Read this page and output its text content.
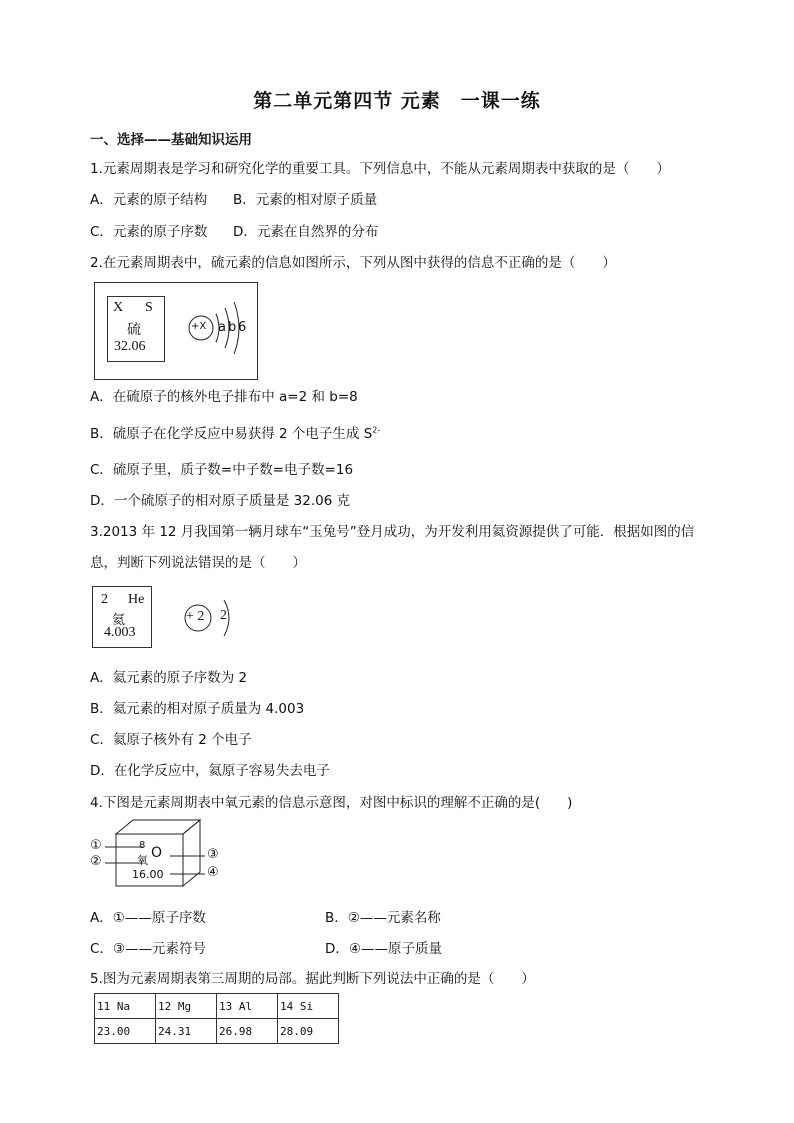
第二单元第四节 元素　一课一练
一、选择——基础知识运用
1.元素周期表是学习和研究化学的重要工具。下列信息中，不能从元素周期表中获取的是（　　）
A．元素的原子结构 B．元素的相对原子质量
C．元素的原子序数 D．元素在自然界的分布
2.在元素周期表中，硫元素的信息如图所示，下列从图中获得的信息不正确的是（　　）
X S
硫
32.06
+X a b 6
A．在硫原子的核外电子排布中 a=2 和 b=8
B．硫原子在化学反应中易获得 2 个电子生成 $S^{2-}$
C．硫原子里，质子数=中子数=电子数=16
D．一个硫原子的相对原子质量是 32.06 克
3.2013 年 12 月我国第一辆月球车“玉兔号”登月成功，为开发利用氦资源提供了可能．根据如图的信
息，判断下列说法错误的是（　　）
2 He
氦
4.003
+ 2 2
A．氦元素的原子序数为 2
B．氦元素的相对原子质量为 4.003
C．氦原子核外有 2 个电子
D．在化学反应中，氦原子容易失去电子
4.下图是元素周期表中氧元素的信息示意图，对图中标识的理解不正确的是(　　)
8
氧 O
16.00
①
②	③
④
A．①——原子序数	B．②——元素名称
C．③——元素符号	D．④——原子质量
5.图为元素周期表第三周期的局部。据此判断下列说法中正确的是（　　）
11 Na	12 Mg	13 Al	14 Si
23.00	24.31	26.98	28.09
